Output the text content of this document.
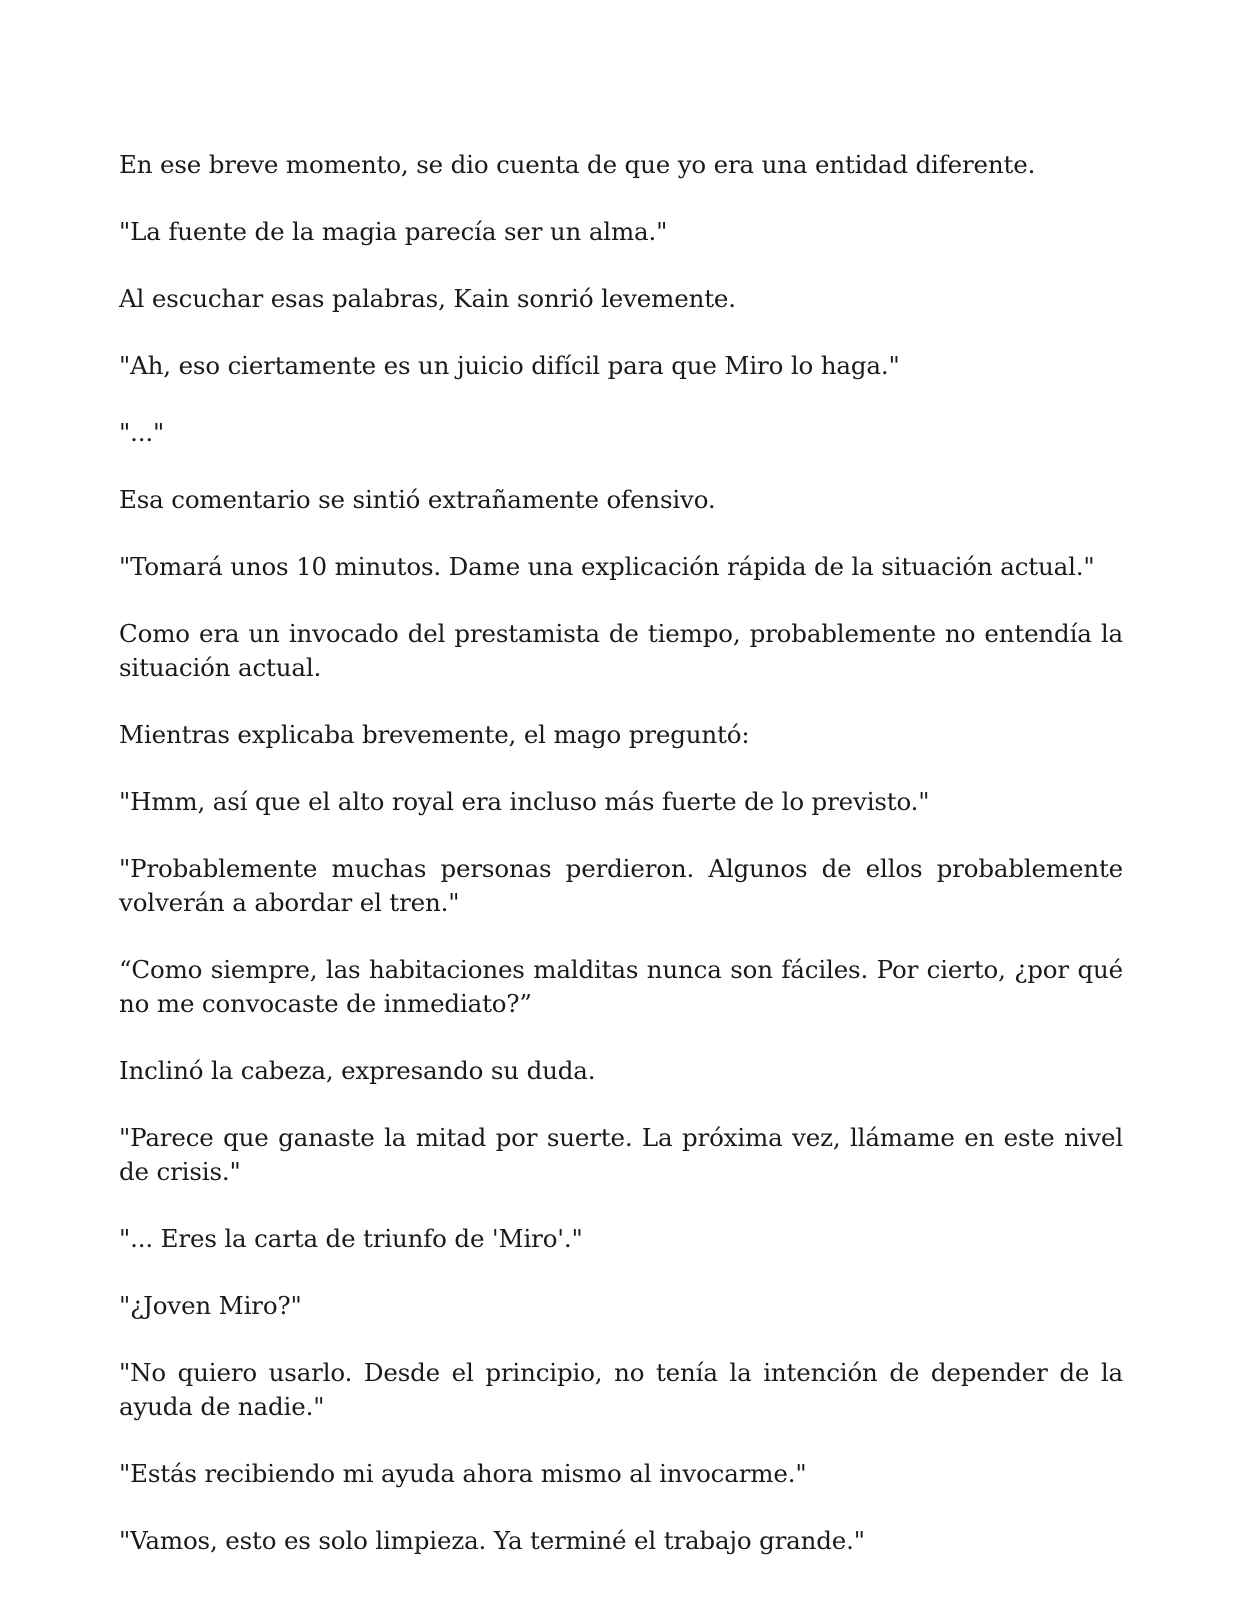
En ese breve momento, se dio cuenta de que yo era una entidad diferente.

"La fuente de la magia parecía ser un alma."

Al escuchar esas palabras, Kain sonrió levemente.

"Ah, eso ciertamente es un juicio difícil para que Miro lo haga."

"..."

Esa comentario se sintió extrañamente ofensivo.

"Tomará unos 10 minutos. Dame una explicación rápida de la situación actual."

Como era un invocado del prestamista de tiempo, probablemente no entendía la situación actual.

Mientras explicaba brevemente, el mago preguntó:

"Hmm, así que el alto royal era incluso más fuerte de lo previsto."

"Probablemente muchas personas perdieron. Algunos de ellos probablemente volverán a abordar el tren."

“Como siempre, las habitaciones malditas nunca son fáciles. Por cierto, ¿por qué no me convocaste de inmediato?”

Inclinó la cabeza, expresando su duda.

"Parece que ganaste la mitad por suerte. La próxima vez, llámame en este nivel de crisis."

"... Eres la carta de triunfo de 'Miro'."

"¿Joven Miro?"

"No quiero usarlo. Desde el principio, no tenía la intención de depender de la ayuda de nadie."

"Estás recibiendo mi ayuda ahora mismo al invocarme."

"Vamos, esto es solo limpieza. Ya terminé el trabajo grande."
